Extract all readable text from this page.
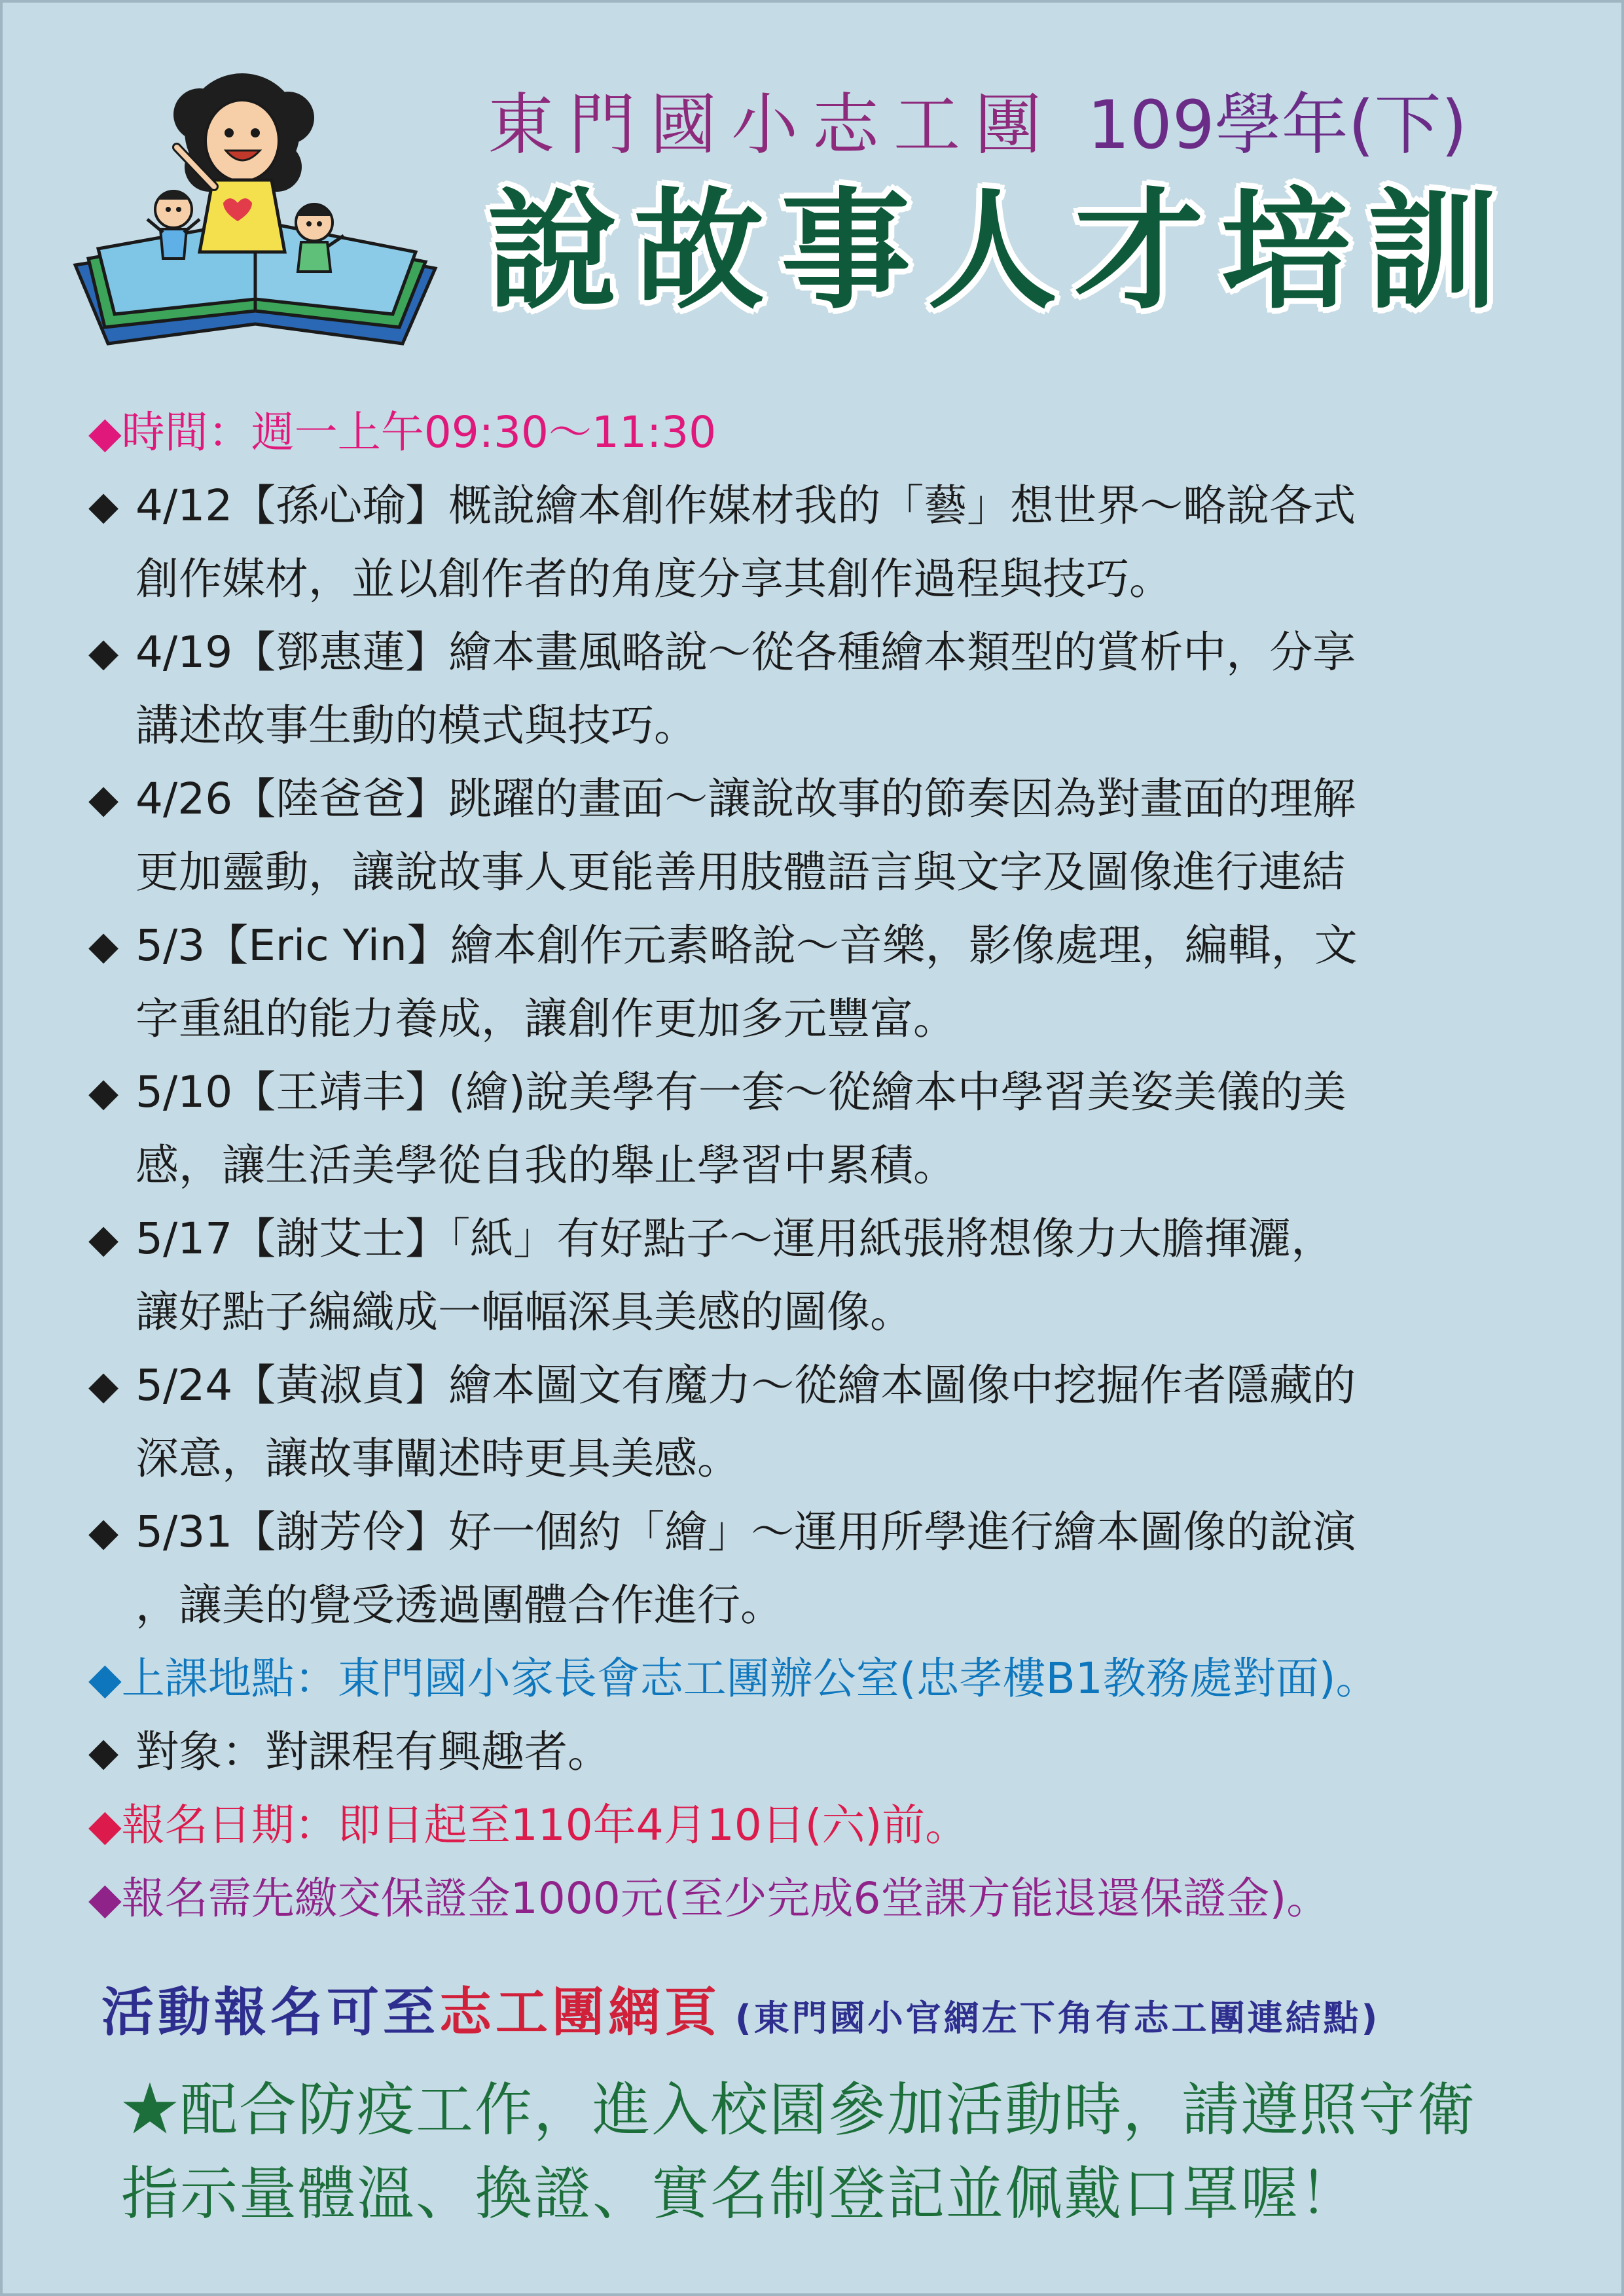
東門國小志工團 109學年(下)
說故事人才培訓
◆時間：週一上午09:30～11:30
◆ 4/12【孫心瑜】概說繪本創作媒材我的「藝」想世界～略說各式
創作媒材，並以創作者的角度分享其創作過程與技巧。
◆ 4/19【鄧惠蓮】繪本畫風略說～從各種繪本類型的賞析中，分享
講述故事生動的模式與技巧。
◆ 4/26【陸爸爸】跳躍的畫面～讓說故事的節奏因為對畫面的理解
更加靈動，讓說故事人更能善用肢體語言與文字及圖像進行連結
◆ 5/3【Eric Yin】繪本創作元素略說～音樂，影像處理，編輯，文
字重組的能力養成，讓創作更加多元豐富。
◆ 5/10【王靖丰】(繪)說美學有一套～從繪本中學習美姿美儀的美
感，讓生活美學從自我的舉止學習中累積。
◆ 5/17【謝艾士】「紙」有好點子～運用紙張將想像力大膽揮灑，
讓好點子編織成一幅幅深具美感的圖像。
◆ 5/24【黃淑貞】繪本圖文有魔力～從繪本圖像中挖掘作者隱藏的
深意，讓故事闡述時更具美感。
◆ 5/31【謝芳伶】好一個約「繪」～運用所學進行繪本圖像的說演
，讓美的覺受透過團體合作進行。
◆上課地點：東門國小家長會志工團辦公室(忠孝樓B1教務處對面)。
◆ 對象：對課程有興趣者。
◆報名日期：即日起至110年4月10日(六)前。
◆報名需先繳交保證金1000元(至少完成6堂課方能退還保證金)。
活動報名可至 志工團網頁 (東門國小官網左下角有志工團連結點)
★配合防疫工作，進入校園參加活動時，請遵照守衛
指示量體溫、換證、實名制登記並佩戴口罩喔！
